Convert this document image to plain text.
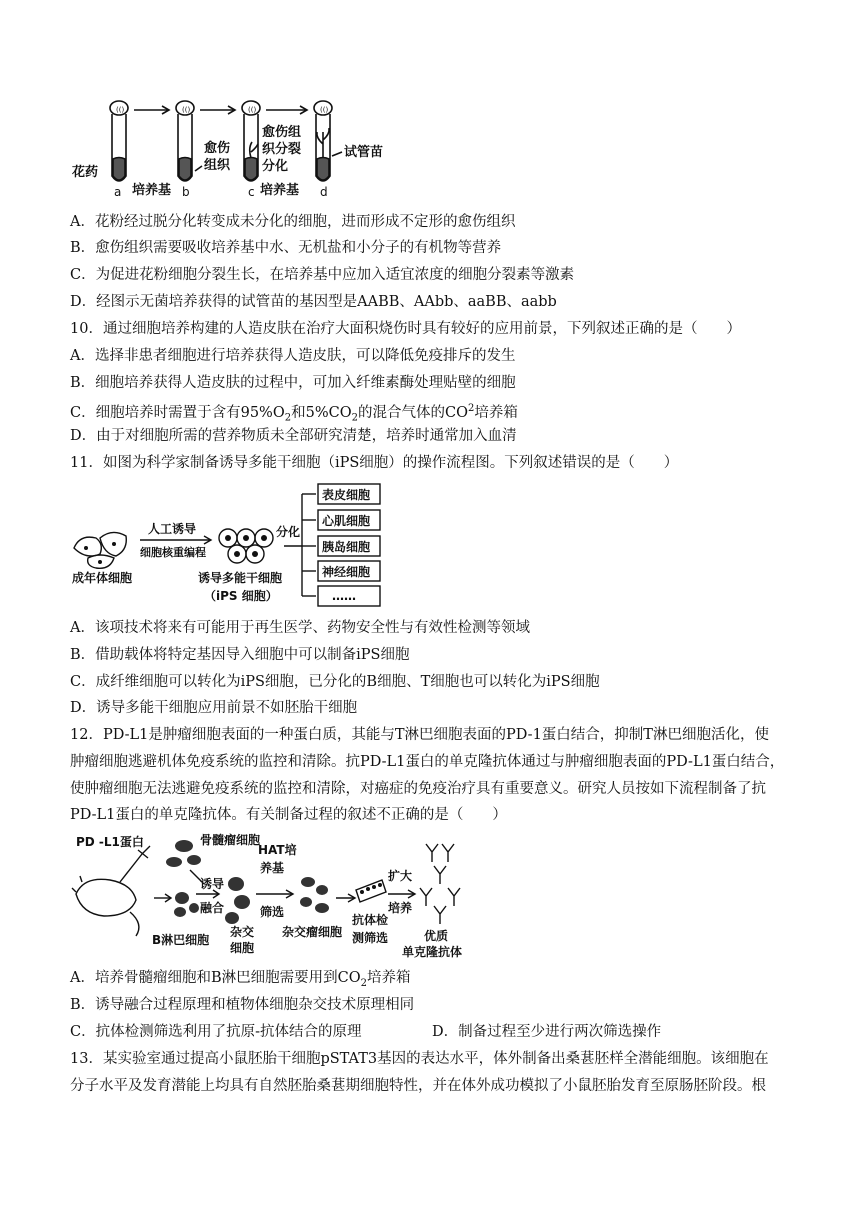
(()	(()	(()	(()
花药
a 培养基 b
愈伤
组织
c
愈伤组
织分裂
分化
培养基 d
试管苗
A．花粉经过脱分化转变成未分化的细胞，进而形成不定形的愈伤组织
B．愈伤组织需要吸收培养基中水、无机盐和小分子的有机物等营养
C．为促进花粉细胞分裂生长，在培养基中应加入适宜浓度的细胞分裂素等激素
D．经图示无菌培养获得的试管苗的基因型是AABB、AAbb、aaBB、aabb
10．通过细胞培养构建的人造皮肤在治疗大面积烧伤时具有较好的应用前景，下列叙述正确的是（　　）
A．选择非患者细胞进行培养获得人造皮肤，可以降低免疫排斥的发生
B．细胞培养获得人造皮肤的过程中，可加入纤维素酶处理贴壁的细胞
C．细胞培养时需置于含有$95\%O_2$和$5\%CO_2$的混合气体的$CO^2$培养箱
D．由于对细胞所需的营养物质未全部研究清楚，培养时通常加入血清
11．如图为科学家制备诱导多能干细胞（iPS细胞）的操作流程图。下列叙述错误的是（　　）
人工诱导
细胞核重编程
成年体细胞	诱导多能干细胞
（iPS 细胞）
分化
表皮细胞
心肌细胞
胰岛细胞
神经细胞
……
A．该项技术将来有可能用于再生医学、药物安全性与有效性检测等领域
B．借助载体将特定基因导入细胞中可以制备iPS细胞
C．成纤维细胞可以转化为iPS细胞，已分化的B细胞、T细胞也可以转化为iPS细胞
D．诱导多能干细胞应用前景不如胚胎干细胞
12．PD-L1是肿瘤细胞表面的一种蛋白质，其能与T淋巴细胞表面的PD-1蛋白结合，抑制T淋巴细胞活化，使
肿瘤细胞逃避机体免疫系统的监控和清除。抗PD-L1蛋白的单克隆抗体通过与肿瘤细胞表面的PD-L1蛋白结合，
使肿瘤细胞无法逃避免疫系统的监控和清除，对癌症的免疫治疗具有重要意义。研究人员按如下流程制备了抗
PD-L1蛋白的单克隆抗体。有关制备过程的叙述不正确的是（　　）
PD -L1蛋白	骨髓瘤细胞
B淋巴细胞
诱导
融合
杂交
细胞
HAT培
养基
筛选
杂交瘤细胞
抗体检
测筛选
扩大
培养
优质
单克隆抗体
A．培养骨髓瘤细胞和B淋巴细胞需要用到$CO_2$培养箱
B．诱导融合过程原理和植物体细胞杂交技术原理相同
C．抗体检测筛选利用了抗原-抗体结合的原理	D．制备过程至少进行两次筛选操作
13．某实验室通过提高小鼠胚胎干细胞pSTAT3基因的表达水平，体外制备出桑葚胚样全潜能细胞。该细胞在
分子水平及发育潜能上均具有自然胚胎桑葚期细胞特性，并在体外成功模拟了小鼠胚胎发育至原肠胚阶段。根
